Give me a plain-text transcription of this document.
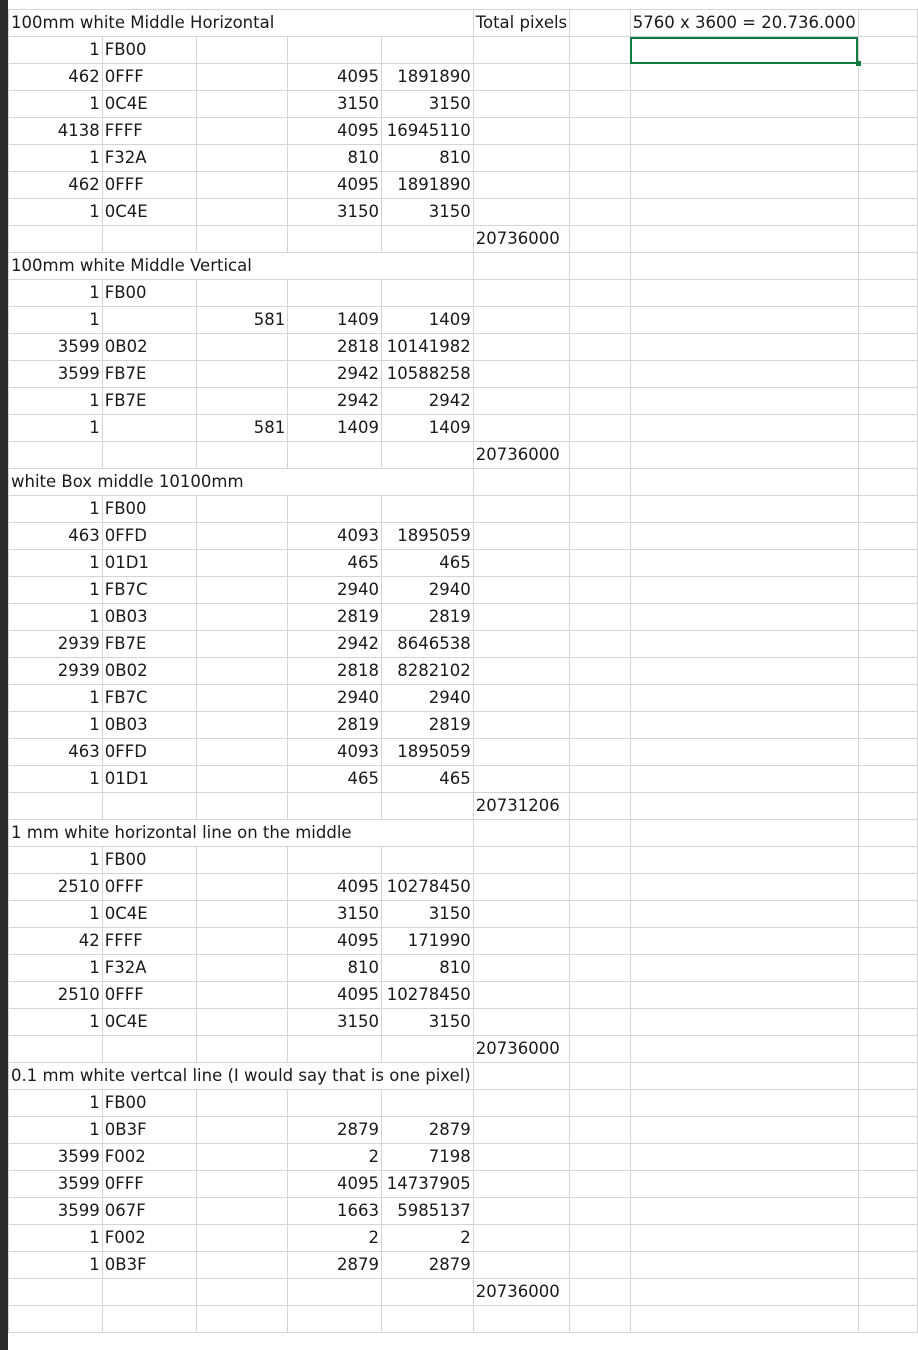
100mm white Middle Horizontal					Total pixels		5760 x 3600 = 20.736.000	
1	FB00							
462	0FFF		4095	1891890				
1	0C4E		3150	3150				
4138	FFFF		4095	16945110				
1	F32A		810	810				
462	0FFF		4095	1891890				
1	0C4E		3150	3150				
					20736000			
100mm white Middle Vertical								
1	FB00							
1		581	1409	1409				
3599	0B02		2818	10141982				
3599	FB7E		2942	10588258				
1	FB7E		2942	2942				
1		581	1409	1409				
					20736000			
white Box middle 10100mm								
1	FB00							
463	0FFD		4093	1895059				
1	01D1		465	465				
1	FB7C		2940	2940				
1	0B03		2819	2819				
2939	FB7E		2942	8646538				
2939	0B02		2818	8282102				
1	FB7C		2940	2940				
1	0B03		2819	2819				
463	0FFD		4093	1895059				
1	01D1		465	465				
					20731206			
1 mm white horizontal line on the middle								
1	FB00							
2510	0FFF		4095	10278450				
1	0C4E		3150	3150				
42	FFFF		4095	171990				
1	F32A		810	810				
2510	0FFF		4095	10278450				
1	0C4E		3150	3150				
					20736000			
0.1 mm white vertcal line (I would say that is one pixel)								
1	FB00							
1	0B3F		2879	2879				
3599	F002		2	7198				
3599	0FFF		4095	14737905				
3599	067F		1663	5985137				
1	F002		2	2				
1	0B3F		2879	2879				
					20736000			
